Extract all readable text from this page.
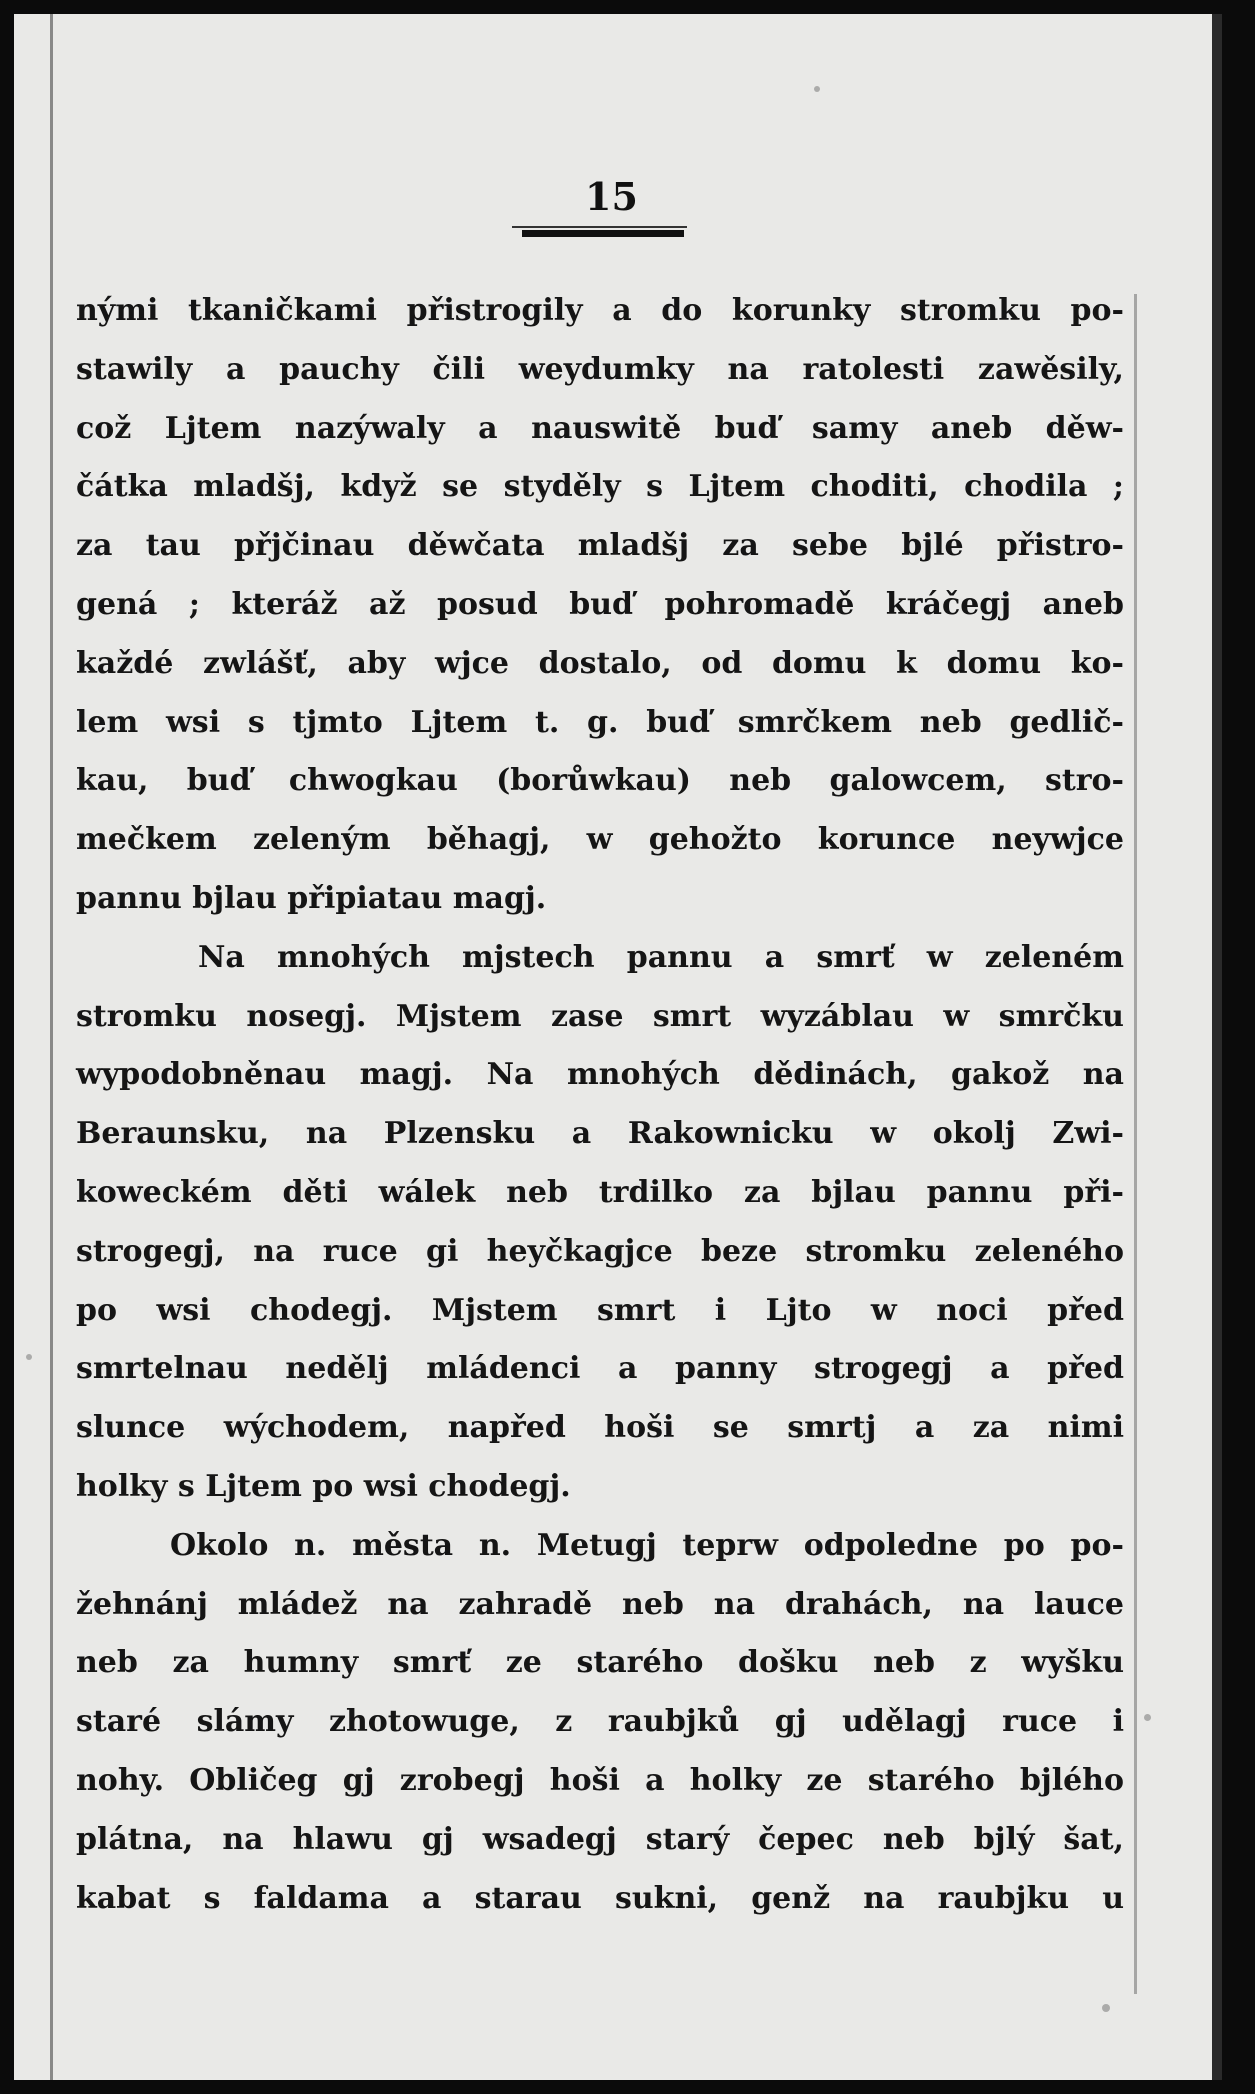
15
nými tkaničkami přistrogily a do korunky stromku po-
stawily a pauchy čili weydumky na ratolesti zawěsily,
což Ljtem nazýwaly a nauswitě buď samy aneb děw-
čátka mladšj, když se styděly s Ljtem choditi, chodila ;
za tau přjčinau děwčata mladšj za sebe bjlé přistro-
gená ; kteráž až posud buď pohromadě kráčegj aneb
každé zwlášť, aby wjce dostalo, od domu k domu ko-
lem wsi s tjmto Ljtem t. g. buď smrčkem neb gedlič-
kau, buď chwogkau (borůwkau) neb galowcem, stro-
mečkem zeleným běhagj, w gehožto korunce neywjce
pannu bjlau připiatau magj.
Na mnohých mjstech pannu a smrť w zeleném
stromku nosegj. Mjstem zase smrt wyzáblau w smrčku
wypodobněnau magj. Na mnohých dědinách, gakož na
Beraunsku, na Plzensku a Rakownicku w okolj Zwi-
koweckém děti wálek neb trdilko za bjlau pannu při-
strogegj, na ruce gi heyčkagjce beze stromku zeleného
po wsi chodegj. Mjstem smrt i Ljto w noci před
smrtelnau nedělj mládenci a panny strogegj a před
slunce wýchodem, napřed hoši se smrtj a za nimi
holky s Ljtem po wsi chodegj.
Okolo n. města n. Metugj teprw odpoledne po po-
žehnánj mládež na zahradě neb na drahách, na lauce
neb za humny smrť ze starého došku neb z wyšku
staré slámy zhotowuge, z raubjků gj udělagj ruce i
nohy. Obličeg gj zrobegj hoši a holky ze starého bjlého
plátna, na hlawu gj wsadegj starý čepec neb bjlý šat,
kabat s faldama a starau sukni, genž na raubjku u
